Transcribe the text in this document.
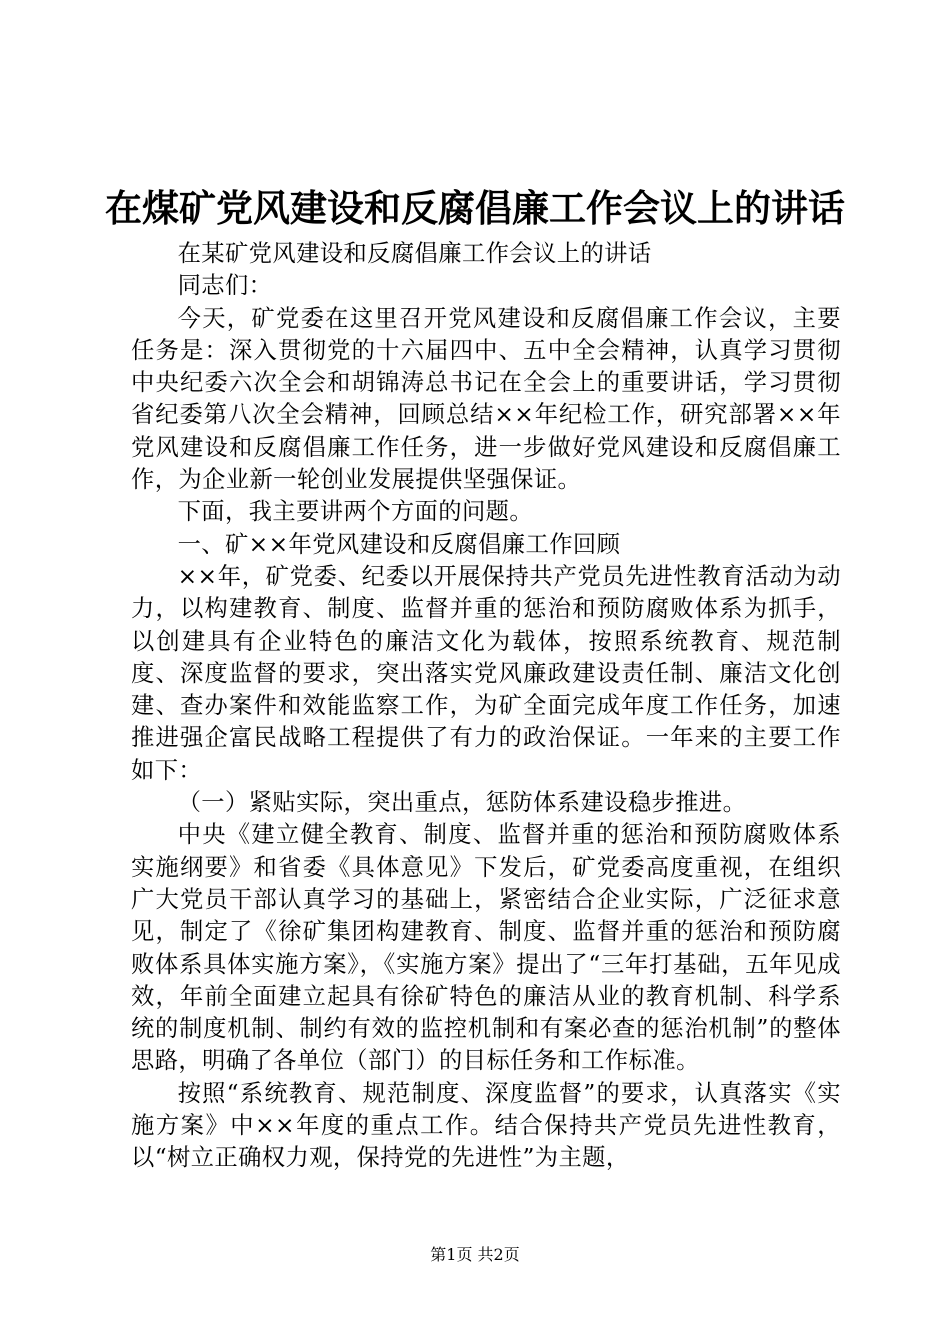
在煤矿党风建设和反腐倡廉工作会议上的讲话

在某矿党风建设和反腐倡廉工作会议上的讲话

同志们：

今天，矿党委在这里召开党风建设和反腐倡廉工作会议，主要任务是：深入贯彻党的十六届四中、五中全会精神，认真学习贯彻中央纪委六次全会和胡锦涛总书记在全会上的重要讲话，学习贯彻省纪委第八次全会精神，回顾总结××年纪检工作，研究部署××年党风建设和反腐倡廉工作任务，进一步做好党风建设和反腐倡廉工作，为企业新一轮创业发展提供坚强保证。

下面，我主要讲两个方面的问题。

一、矿××年党风建设和反腐倡廉工作回顾

××年，矿党委、纪委以开展保持共产党员先进性教育活动为动力，以构建教育、制度、监督并重的惩治和预防腐败体系为抓手，以创建具有企业特色的廉洁文化为载体，按照系统教育、规范制度、深度监督的要求，突出落实党风廉政建设责任制、廉洁文化创建、查办案件和效能监察工作，为矿全面完成年度工作任务，加速推进强企富民战略工程提供了有力的政治保证。一年来的主要工作如下：

（一）紧贴实际，突出重点，惩防体系建设稳步推进。

中央《建立健全教育、制度、监督并重的惩治和预防腐败体系实施纲要》和省委《具体意见》下发后，矿党委高度重视，在组织广大党员干部认真学习的基础上，紧密结合企业实际，广泛征求意见，制定了《徐矿集团构建教育、制度、监督并重的惩治和预防腐败体系具体实施方案》，《实施方案》提出了“三年打基础，五年见成效，年前全面建立起具有徐矿特色的廉洁从业的教育机制、科学系统的制度机制、制约有效的监控机制和有案必查的惩治机制”的整体思路，明确了各单位（部门）的目标任务和工作标准。

按照“系统教育、规范制度、深度监督”的要求，认真落实《实施方案》中××年度的重点工作。结合保持共产党员先进性教育，以“树立正确权力观，保持党的先进性”为主题，

第1页 共2页
